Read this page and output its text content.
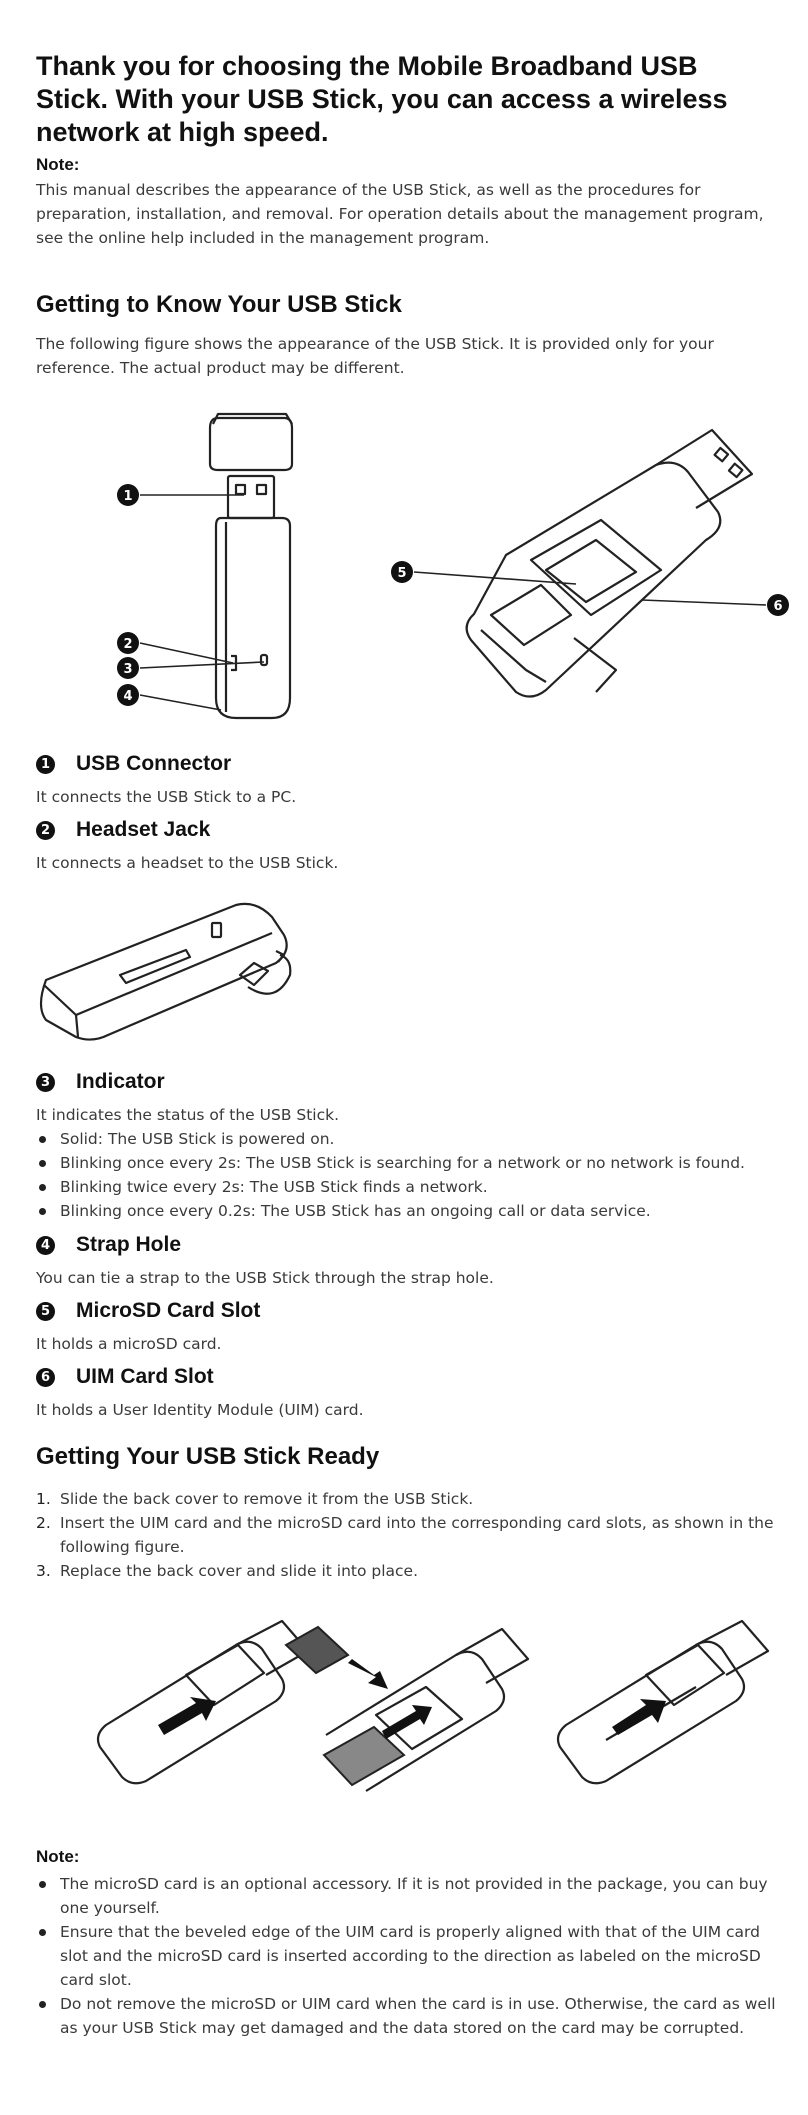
Thank you for choosing the Mobile Broadband USB Stick. With your USB Stick, you can access a wireless network at high speed.

Note:

This manual describes the appearance of the USB Stick, as well as the procedures for preparation, installation, and removal. For operation details about the management program, see the online help included in the management program.

Getting to Know Your USB Stick

The following figure shows the appearance of the USB Stick. It is provided only for your reference. The actual product may be different.

1
2
3
4
5
6
1 USB Connector

It connects the USB Stick to a PC.

2 Headset Jack

It connects a headset to the USB Stick.

3 Indicator

It indicates the status of the USB Stick.

Solid: The USB Stick is powered on.
Blinking once every 2s: The USB Stick is searching for a network or no network is found.
Blinking twice every 2s: The USB Stick finds a network.
Blinking once every 0.2s: The USB Stick has an ongoing call or data service.
4 Strap Hole

You can tie a strap to the USB Stick through the strap hole.

5 MicroSD Card Slot

It holds a microSD card.

6 UIM Card Slot

It holds a User Identity Module (UIM) card.

Getting Your USB Stick Ready
1. Slide the back cover to remove it from the USB Stick.
2. Insert the UIM card and the microSD card into the corresponding card slots, as shown in the following figure.
3. Replace the back cover and slide it into place.

Note:

The microSD card is an optional accessory. If it is not provided in the package, you can buy one yourself.
Ensure that the beveled edge of the UIM card is properly aligned with that of the UIM card slot and the microSD card is inserted according to the direction as labeled on the microSD card slot.
Do not remove the microSD or UIM card when the card is in use. Otherwise, the card as well as your USB Stick may get damaged and the data stored on the card may be corrupted.
